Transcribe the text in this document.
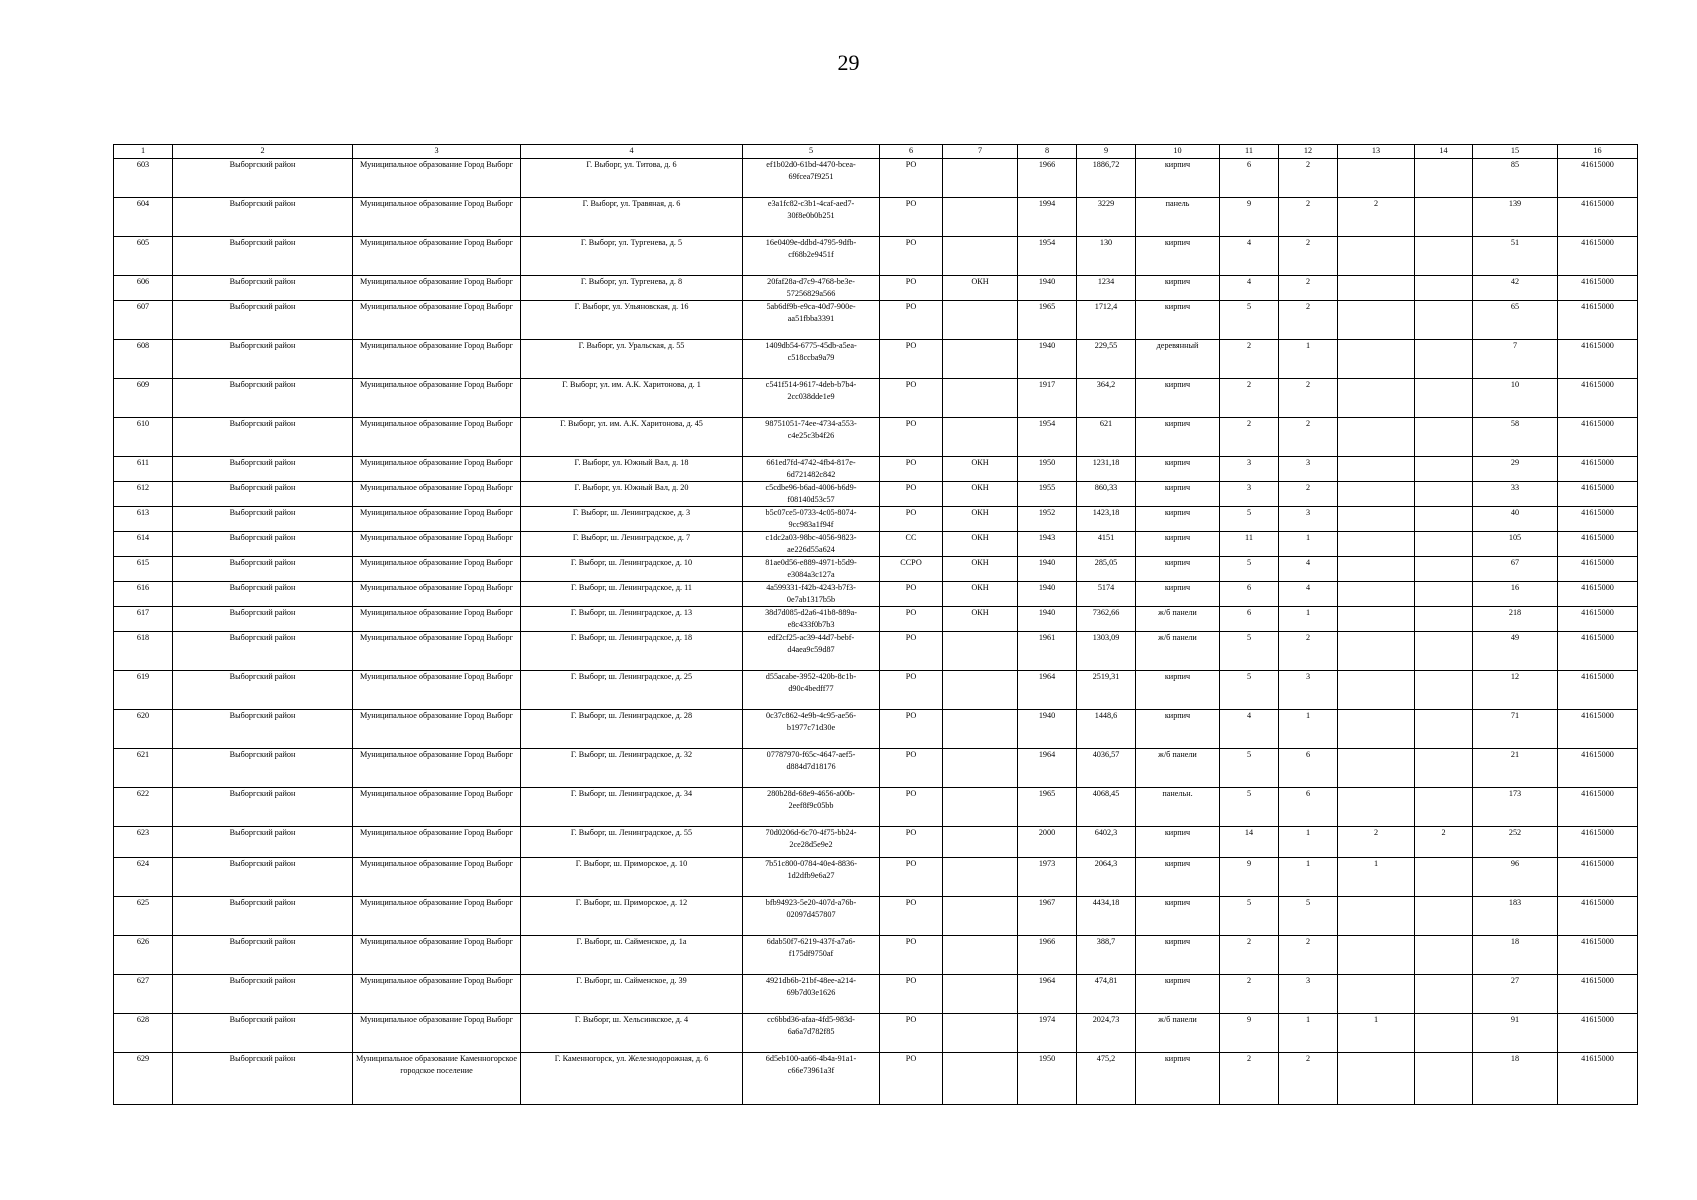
29
1	2	3	4	5	6	7	8	9	10	11	12	13	14	15	16
603	Выборгский район	Муниципальное образование Город Выборг	Г. Выборг, ул. Титова, д. 6	ef1b02d0-61bd-4470-bcea-69fcea7f9251	РО		1966	1886,72	кирпич	6	2			85	41615000
604	Выборгский район	Муниципальное образование Город Выборг	Г. Выборг, ул. Травяная, д. 6	e3a1fc82-c3b1-4caf-aed7-30f8e0b0b251	РО		1994	3229	панель	9	2	2		139	41615000
605	Выборгский район	Муниципальное образование Город Выборг	Г. Выборг, ул. Тургенева, д. 5	16e0409e-ddbd-4795-9dfb-cf68b2e9451f	РО		1954	130	кирпич	4	2			51	41615000
606	Выборгский район	Муниципальное образование Город Выборг	Г. Выборг, ул. Тургенева, д. 8	20faf28a-d7c9-4768-be3e-57256829a566	РО	ОКН	1940	1234	кирпич	4	2			42	41615000
607	Выборгский район	Муниципальное образование Город Выборг	Г. Выборг, ул. Ульяновская, д. 16	5ab6df9b-e9ca-40d7-900e-aa51fbba3391	РО		1965	1712,4	кирпич	5	2			65	41615000
608	Выборгский район	Муниципальное образование Город Выборг	Г. Выборг, ул. Уральская, д. 55	1409db54-6775-45db-a5ea-c518ccba9a79	РО		1940	229,55	деревянный	2	1			7	41615000
609	Выборгский район	Муниципальное образование Город Выборг	Г. Выборг, ул. им. А.К. Харитонова, д. 1	c541f514-9617-4deb-b7b4-2cc038dde1e9	РО		1917	364,2	кирпич	2	2			10	41615000
610	Выборгский район	Муниципальное образование Город Выборг	Г. Выборг, ул. им. А.К. Харитонова, д. 45	98751051-74ee-4734-a553-c4e25c3b4f26	РО		1954	621	кирпич	2	2			58	41615000
611	Выборгский район	Муниципальное образование Город Выборг	Г. Выборг, ул. Южный Вал, д. 18	661ed7fd-4742-4fb4-817e-6d721482c842	РО	ОКН	1950	1231,18	кирпич	3	3			29	41615000
612	Выборгский район	Муниципальное образование Город Выборг	Г. Выборг, ул. Южный Вал, д. 20	c5cdbe96-b6ad-4006-b6d9-f08140d53c57	РО	ОКН	1955	860,33	кирпич	3	2			33	41615000
613	Выборгский район	Муниципальное образование Город Выборг	Г. Выборг, ш. Ленинградское, д. 3	b5c07ce5-0733-4c05-8074-9cc983a1f94f	РО	ОКН	1952	1423,18	кирпич	5	3			40	41615000
614	Выборгский район	Муниципальное образование Город Выборг	Г. Выборг, ш. Ленинградское, д. 7	c1dc2a03-98bc-4056-9823-ae226d55a624	СС	ОКН	1943	4151	кирпич	11	1			105	41615000
615	Выборгский район	Муниципальное образование Город Выборг	Г. Выборг, ш. Ленинградское, д. 10	81ae0d56-e889-4971-b5d9-e3084a3c127a	ССРО	ОКН	1940	285,05	кирпич	5	4			67	41615000
616	Выборгский район	Муниципальное образование Город Выборг	Г. Выборг, ш. Ленинградское, д. 11	4a599331-f42b-4243-b7f3-0e7ab1317b5b	РО	ОКН	1940	5174	кирпич	6	4			16	41615000
617	Выборгский район	Муниципальное образование Город Выборг	Г. Выборг, ш. Ленинградское, д. 13	38d7d085-d2a6-41b8-889a-e8c433f0b7b3	РО	ОКН	1940	7362,66	ж/б панели	6	1			218	41615000
618	Выборгский район	Муниципальное образование Город Выборг	Г. Выборг, ш. Ленинградское, д. 18	edf2cf25-ac39-44d7-bebf-d4aea9c59d87	РО		1961	1303,09	ж/б панели	5	2			49	41615000
619	Выборгский район	Муниципальное образование Город Выборг	Г. Выборг, ш. Ленинградское, д. 25	d55acabe-3952-420b-8c1b-d90c4bedff77	РО		1964	2519,31	кирпич	5	3			12	41615000
620	Выборгский район	Муниципальное образование Город Выборг	Г. Выборг, ш. Ленинградское, д. 28	0c37c862-4e9b-4c95-ae56-b1977c71d30e	РО		1940	1448,6	кирпич	4	1			71	41615000
621	Выборгский район	Муниципальное образование Город Выборг	Г. Выборг, ш. Ленинградское, д. 32	07787970-f65c-4647-aef5-d884d7d18176	РО		1964	4036,57	ж/б панели	5	6			21	41615000
622	Выборгский район	Муниципальное образование Город Выборг	Г. Выборг, ш. Ленинградское, д. 34	280b28d-68e9-4656-a00b-2eef8f9c05bb	РО		1965	4068,45	панельн.	5	6			173	41615000
623	Выборгский район	Муниципальное образование Город Выборг	Г. Выборг, ш. Ленинградское, д. 55	70d0206d-6c70-4f75-bb24-2ce28d5e9e2	РО		2000	6402,3	кирпич	14	1	2	2	252	41615000
624	Выборгский район	Муниципальное образование Город Выборг	Г. Выборг, ш. Приморское, д. 10	7b51c800-0784-40e4-8836-1d2dfb9e6a27	РО		1973	2064,3	кирпич	9	1	1		96	41615000
625	Выборгский район	Муниципальное образование Город Выборг	Г. Выборг, ш. Приморское, д. 12	bfb94923-5e20-407d-a76b-02097d457807	РО		1967	4434,18	кирпич	5	5			183	41615000
626	Выборгский район	Муниципальное образование Город Выборг	Г. Выборг, ш. Сайменское, д. 1а	6dab50f7-6219-437f-a7a6-f175df9750af	РО		1966	388,7	кирпич	2	2			18	41615000
627	Выборгский район	Муниципальное образование Город Выборг	Г. Выборг, ш. Сайменское, д. 39	4921db6b-21bf-48ee-a214-69b7d03e1626	РО		1964	474,81	кирпич	2	3			27	41615000
628	Выборгский район	Муниципальное образование Город Выборг	Г. Выборг, ш. Хельсинкское, д. 4	cc6bbd36-afaa-4fd5-983d-6a6a7d782f85	РО		1974	2024,73	ж/б панели	9	1	1		91	41615000
629	Выборгский район	Муниципальное образование Каменногорское городское поселение	Г. Каменногорск, ул. Железнодорожная, д. 6	6d5eb100-aa66-4b4a-91a1-c66e73961a3f	РО		1950	475,2	кирпич	2	2			18	41615000
